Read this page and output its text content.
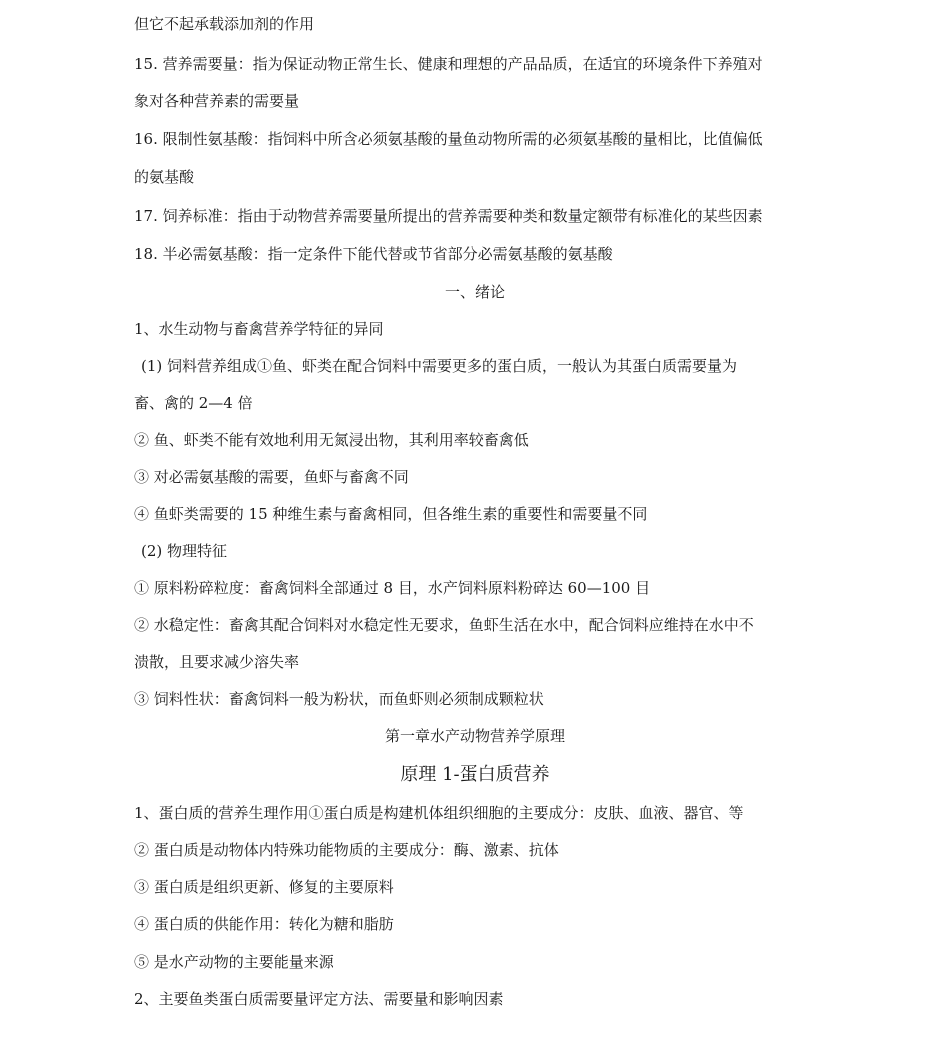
但它不起承载添加剂的作用
15. 营养需要量：指为保证动物正常生长、健康和理想的产品品质，在适宜的环境条件下养殖对
象对各种营养素的需要量
16. 限制性氨基酸：指饲料中所含必须氨基酸的量鱼动物所需的必须氨基酸的量相比，比值偏低
的氨基酸
17. 饲养标准：指由于动物营养需要量所提出的营养需要种类和数量定额带有标准化的某些因素
18. 半必需氨基酸：指一定条件下能代替或节省部分必需氨基酸的氨基酸
一、绪论
1、水生动物与畜禽营养学特征的异同
(1) 饲料营养组成①鱼、虾类在配合饲料中需要更多的蛋白质，一般认为其蛋白质需要量为
畜、禽的 2—4 倍
② 鱼、虾类不能有效地利用无氮浸出物，其利用率较畜禽低
③ 对必需氨基酸的需要，鱼虾与畜禽不同
④ 鱼虾类需要的 15 种维生素与畜禽相同，但各维生素的重要性和需要量不同
(2) 物理特征
① 原料粉碎粒度：畜禽饲料全部通过 8 目，水产饲料原料粉碎达 60—100 目
② 水稳定性：畜禽其配合饲料对水稳定性无要求，鱼虾生活在水中，配合饲料应维持在水中不
溃散，且要求减少溶失率
③ 饲料性状：畜禽饲料一般为粉状，而鱼虾则必须制成颗粒状
第一章水产动物营养学原理
原理 1-蛋白质营养
1、蛋白质的营养生理作用①蛋白质是构建机体组织细胞的主要成分：皮肤、血液、器官、等
② 蛋白质是动物体内特殊功能物质的主要成分：酶、激素、抗体
③ 蛋白质是组织更新、修复的主要原料
④ 蛋白质的供能作用：转化为糖和脂肪
⑤ 是水产动物的主要能量来源
2、主要鱼类蛋白质需要量评定方法、需要量和影响因素
